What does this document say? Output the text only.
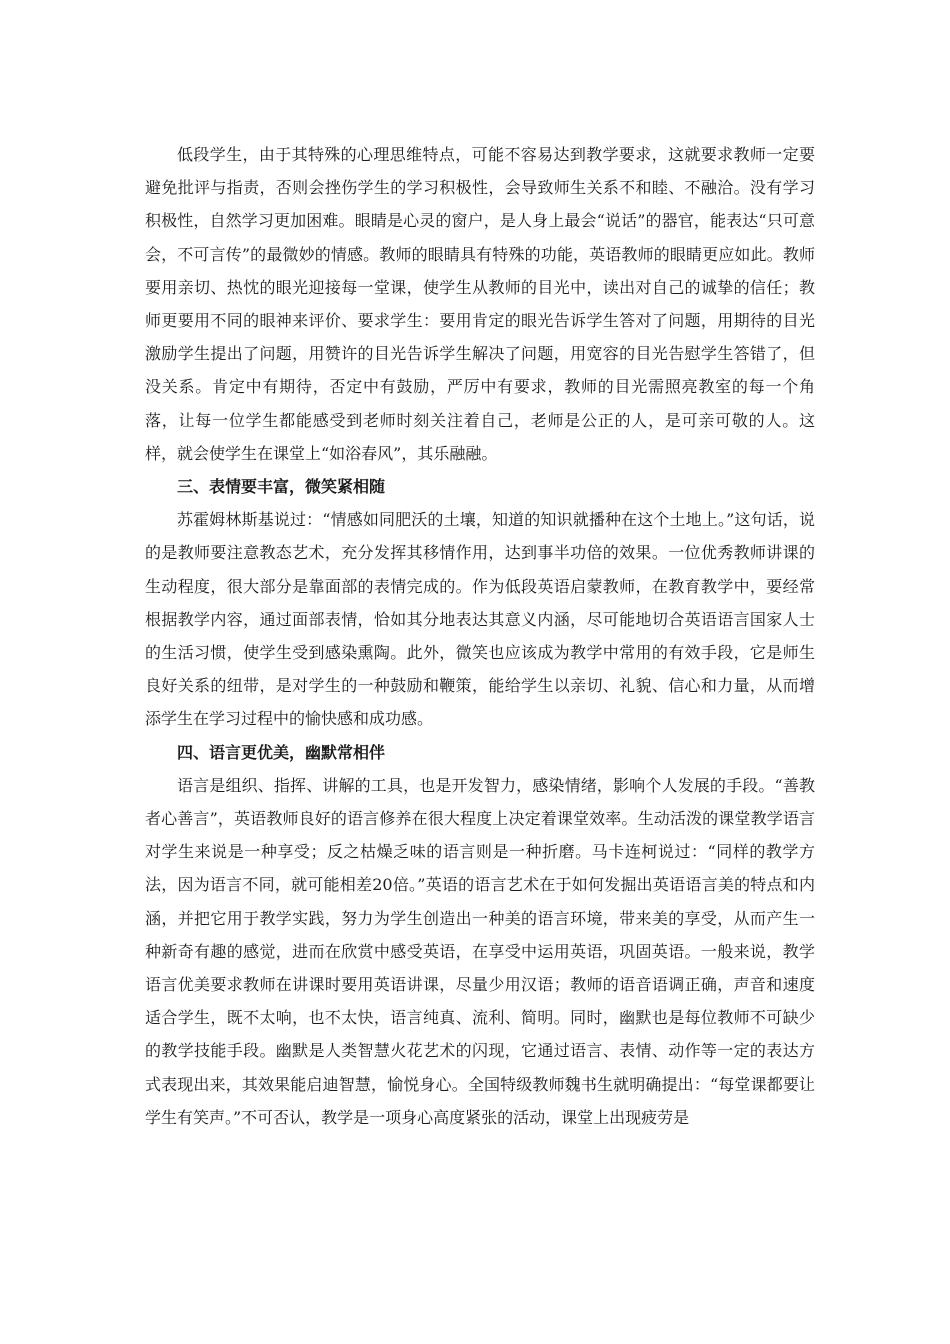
低段学生，由于其特殊的心理思维特点，可能不容易达到教学要求，这就要求教师一定要避免批评与指责，否则会挫伤学生的学习积极性，会导致师生关系不和睦、不融洽。没有学习积极性，自然学习更加困难。眼睛是心灵的窗户，是人身上最会“说话”的器官，能表达“只可意会，不可言传”的最微妙的情感。教师的眼睛具有特殊的功能，英语教师的眼睛更应如此。教师要用亲切、热忱的眼光迎接每一堂课，使学生从教师的目光中，读出对自己的诚挚的信任；教师更要用不同的眼神来评价、要求学生：要用肯定的眼光告诉学生答对了问题，用期待的目光激励学生提出了问题，用赞许的目光告诉学生解决了问题，用宽容的目光告慰学生答错了，但没关系。肯定中有期待，否定中有鼓励，严厉中有要求，教师的目光需照亮教室的每一个角落，让每一位学生都能感受到老师时刻关注着自己，老师是公正的人，是可亲可敬的人。这样，就会使学生在课堂上“如浴春风”，其乐融融。

三、表情要丰富，微笑紧相随

苏霍姆林斯基说过：“情感如同肥沃的土壤，知道的知识就播种在这个土地上。”这句话，说的是教师要注意教态艺术，充分发挥其移情作用，达到事半功倍的效果。一位优秀教师讲课的生动程度，很大部分是靠面部的表情完成的。作为低段英语启蒙教师，在教育教学中，要经常根据教学内容，通过面部表情，恰如其分地表达其意义内涵，尽可能地切合英语语言国家人士的生活习惯，使学生受到感染熏陶。此外，微笑也应该成为教学中常用的有效手段，它是师生良好关系的纽带，是对学生的一种鼓励和鞭策，能给学生以亲切、礼貌、信心和力量，从而增添学生在学习过程中的愉快感和成功感。

四、语言更优美，幽默常相伴

语言是组织、指挥、讲解的工具，也是开发智力，感染情绪，影响个人发展的手段。“善教者心善言”，英语教师良好的语言修养在很大程度上决定着课堂效率。生动活泼的课堂教学语言对学生来说是一种享受；反之枯燥乏味的语言则是一种折磨。马卡连柯说过：“同样的教学方法，因为语言不同，就可能相差20倍。”英语的语言艺术在于如何发掘出英语语言美的特点和内涵，并把它用于教学实践，努力为学生创造出一种美的语言环境，带来美的享受，从而产生一种新奇有趣的感觉，进而在欣赏中感受英语，在享受中运用英语，巩固英语。一般来说，教学语言优美要求教师在讲课时要用英语讲课，尽量少用汉语；教师的语音语调正确，声音和速度适合学生，既不太响，也不太快，语言纯真、流利、简明。同时，幽默也是每位教师不可缺少的教学技能手段。幽默是人类智慧火花艺术的闪现，它通过语言、表情、动作等一定的表达方式表现出来，其效果能启迪智慧，愉悦身心。全国特级教师魏书生就明确提出：“每堂课都要让学生有笑声。”不可否认，教学是一项身心高度紧张的活动，课堂上出现疲劳是
